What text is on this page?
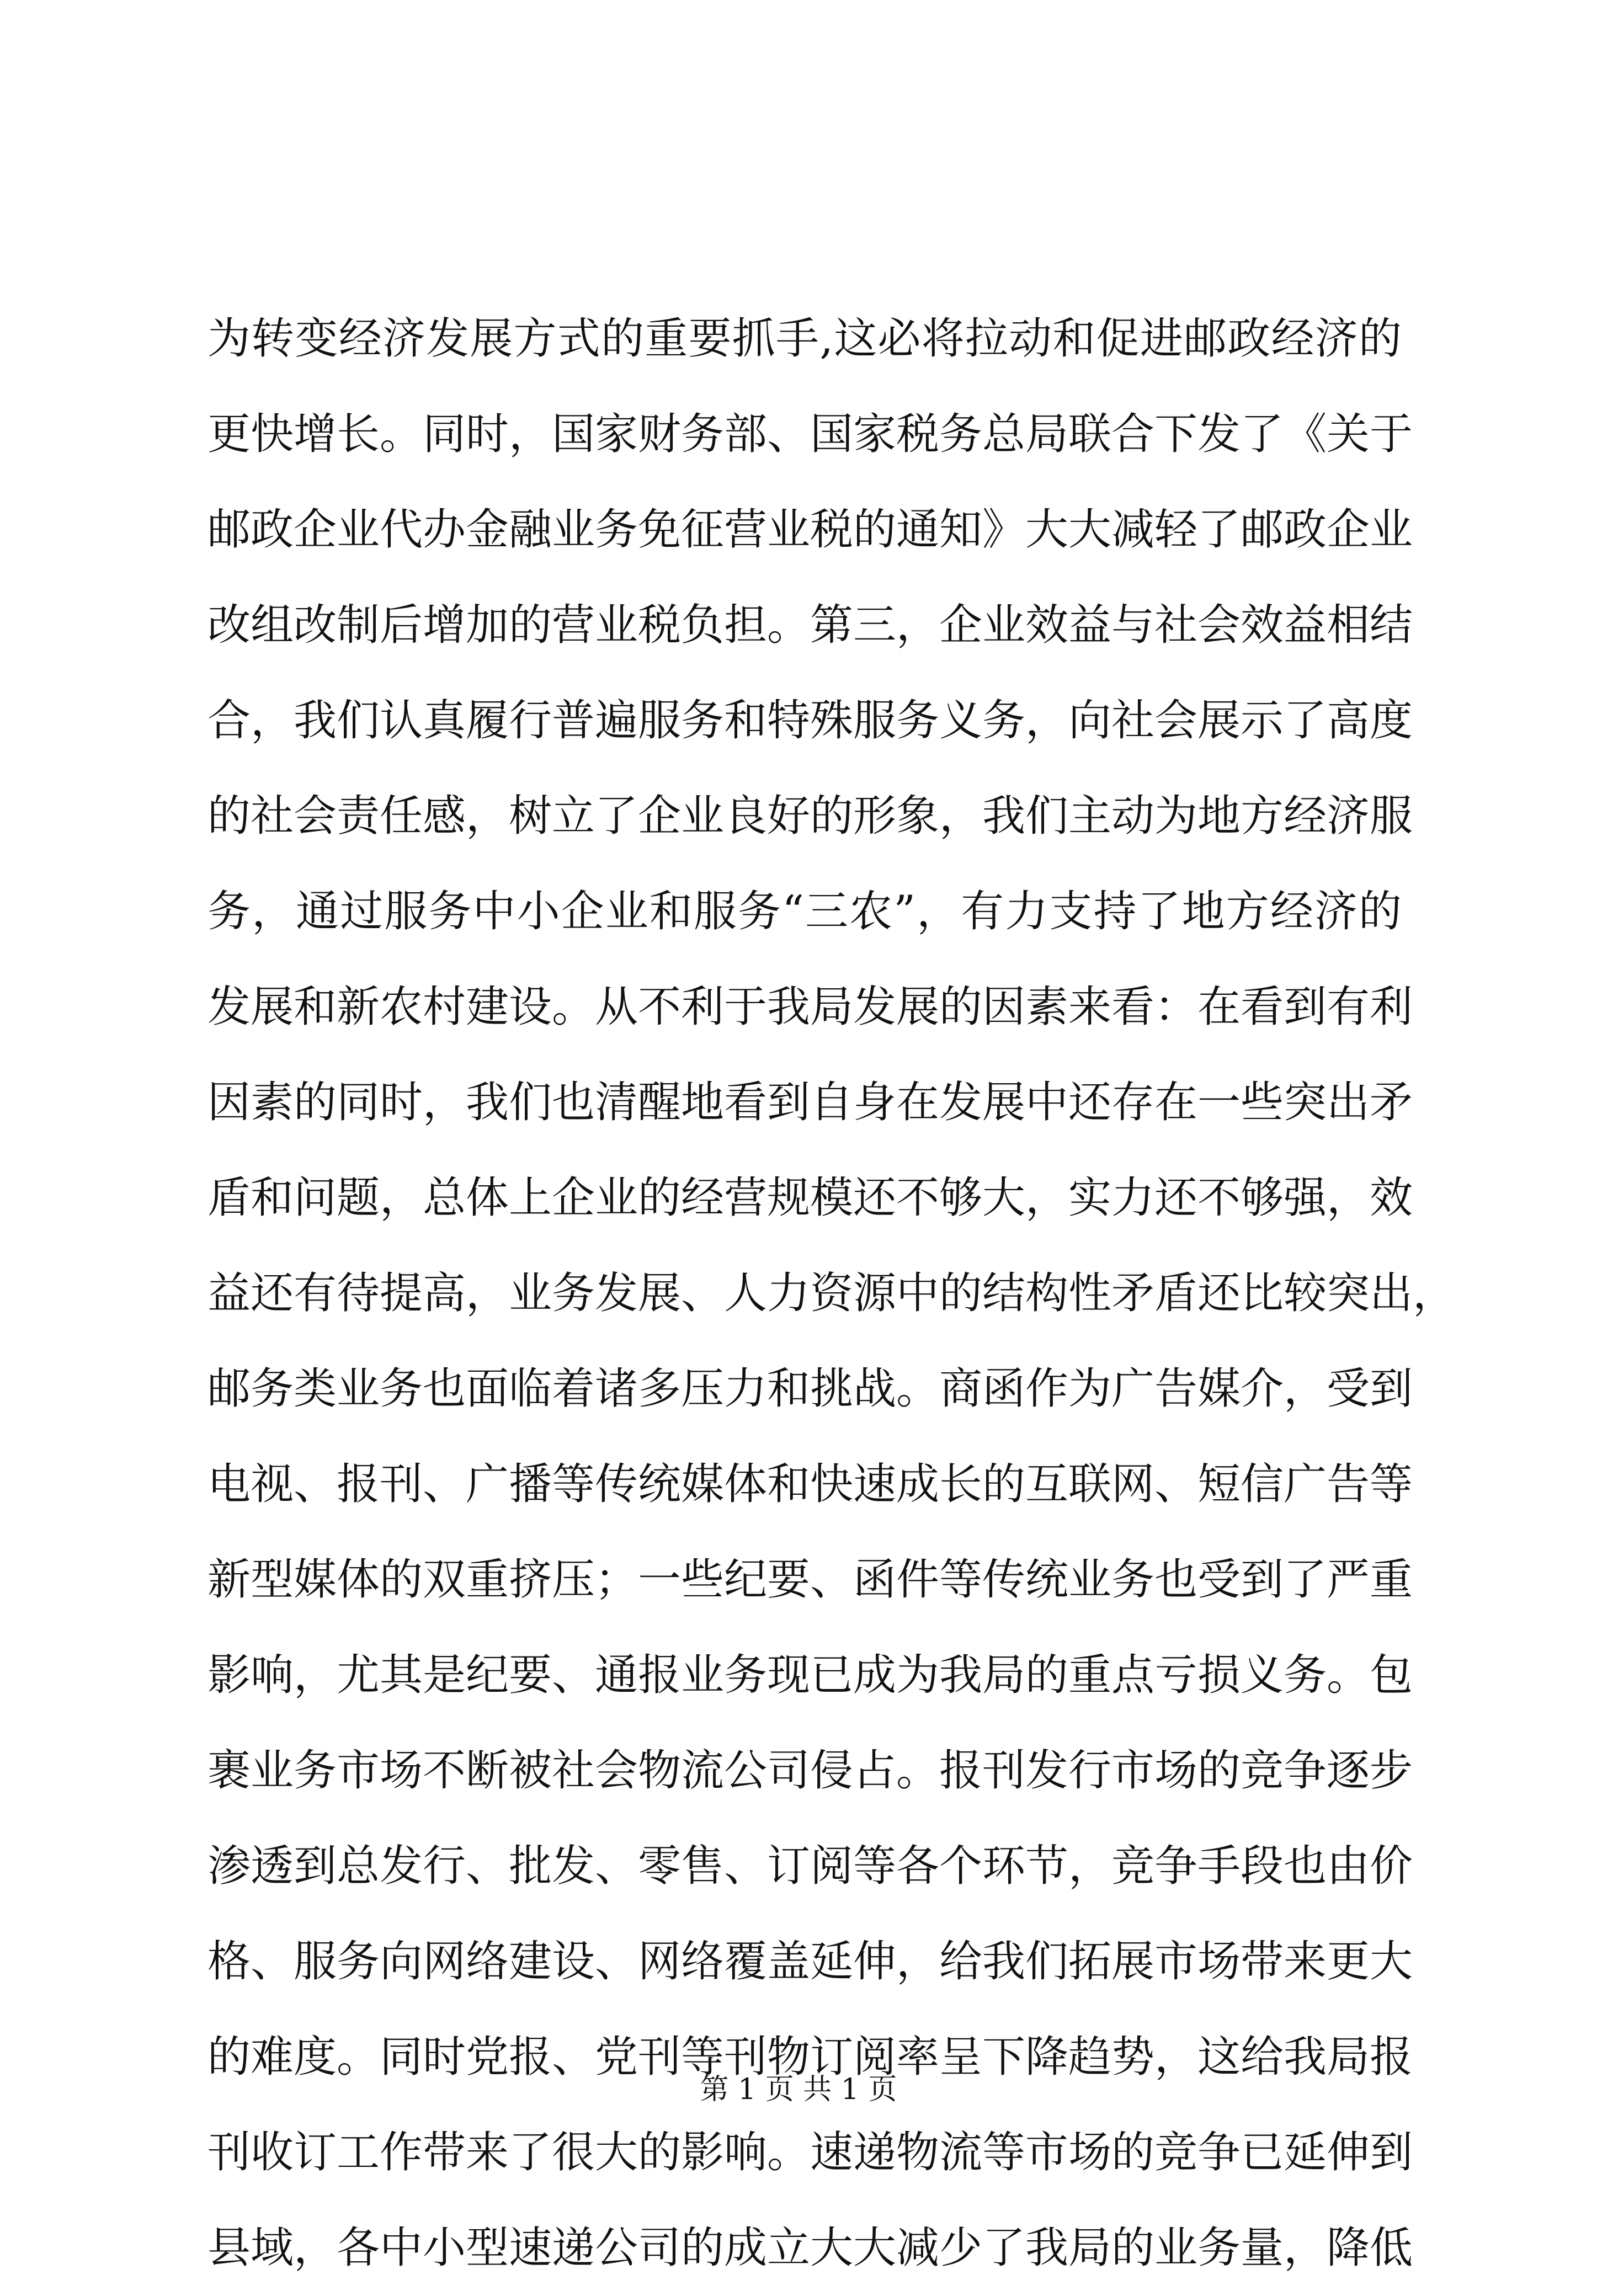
为转变经济发展方式的重要抓手,这必将拉动和促进邮政经济的
更快增长。同时，国家财务部、国家税务总局联合下发了《关于
邮政企业代办金融业务免征营业税的通知》大大减轻了邮政企业
改组改制后增加的营业税负担。第三，企业效益与社会效益相结
合，我们认真履行普遍服务和特殊服务义务，向社会展示了高度
的社会责任感，树立了企业良好的形象，我们主动为地方经济服
务，通过服务中小企业和服务“三农”，有力支持了地方经济的
发展和新农村建设。从不利于我局发展的因素来看：在看到有利
因素的同时，我们也清醒地看到自身在发展中还存在一些突出矛
盾和问题，总体上企业的经营规模还不够大，实力还不够强，效
益还有待提高，业务发展、人力资源中的结构性矛盾还比较突出，
邮务类业务也面临着诸多压力和挑战。商函作为广告媒介，受到
电视、报刊、广播等传统媒体和快速成长的互联网、短信广告等
新型媒体的双重挤压；一些纪要、函件等传统业务也受到了严重
影响，尤其是纪要、通报业务现已成为我局的重点亏损义务。包
裹业务市场不断被社会物流公司侵占。报刊发行市场的竞争逐步
渗透到总发行、批发、零售、订阅等各个环节，竞争手段也由价
格、服务向网络建设、网络覆盖延伸，给我们拓展市场带来更大
的难度。同时党报、党刊等刊物订阅率呈下降趋势，这给我局报
刊收订工作带来了很大的影响。速递物流等市场的竞争已延伸到
县域，各中小型速递公司的成立大大减少了我局的业务量，降低
第 1 页 共 1 页
